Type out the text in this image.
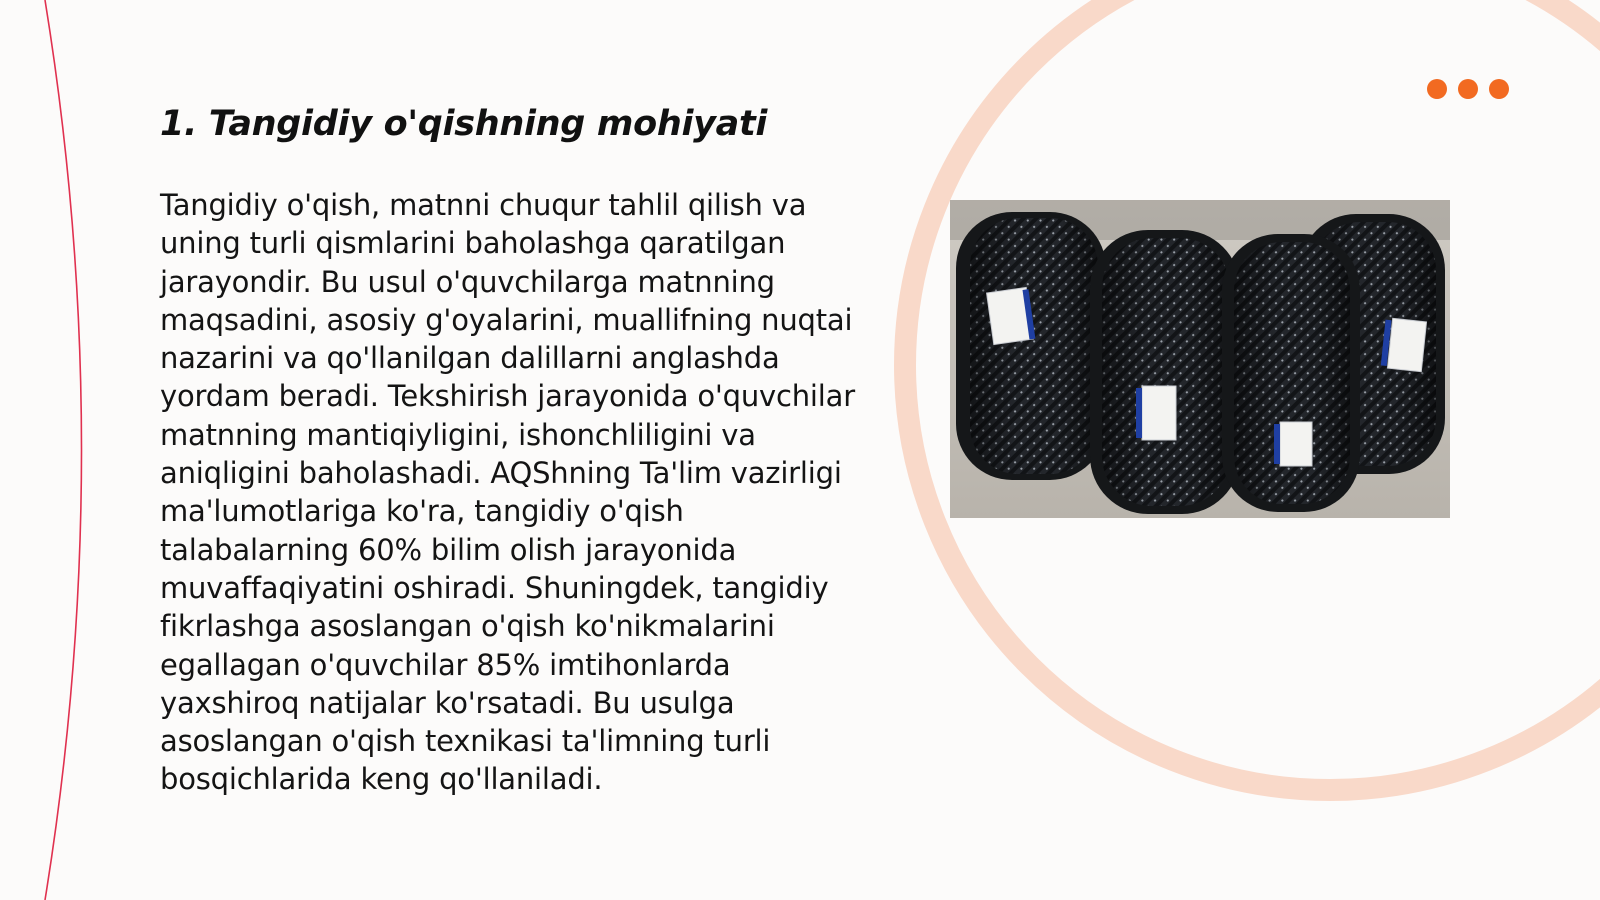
1. Tangidiy o'qishning mohiyati

Tangidiy o'qish, matnni chuqur tahlil qilish va uning turli qismlarini baholashga qaratilgan jarayondir. Bu usul o'quvchilarga matnning maqsadini, asosiy g'oyalarini, muallifning nuqtai nazarini va qo'llanilgan dalillarni anglashda yordam beradi. Tekshirish jarayonida o'quvchilar matnning mantiqiyligini, ishonchliligini va aniqligini baholashadi. AQShning Ta'lim vazirligi ma'lumotlariga ko'ra, tangidiy o'qish talabalarning 60% bilim olish jarayonida muvaffaqiyatini oshiradi. Shuningdek, tangidiy fikrlashga asoslangan o'qish ko'nikmalarini egallagan o'quvchilar 85% imtihonlarda yaxshiroq natijalar ko'rsatadi. Bu usulga asoslangan o'qish texnikasi ta'limning turli bosqichlarida keng qo'llaniladi.
